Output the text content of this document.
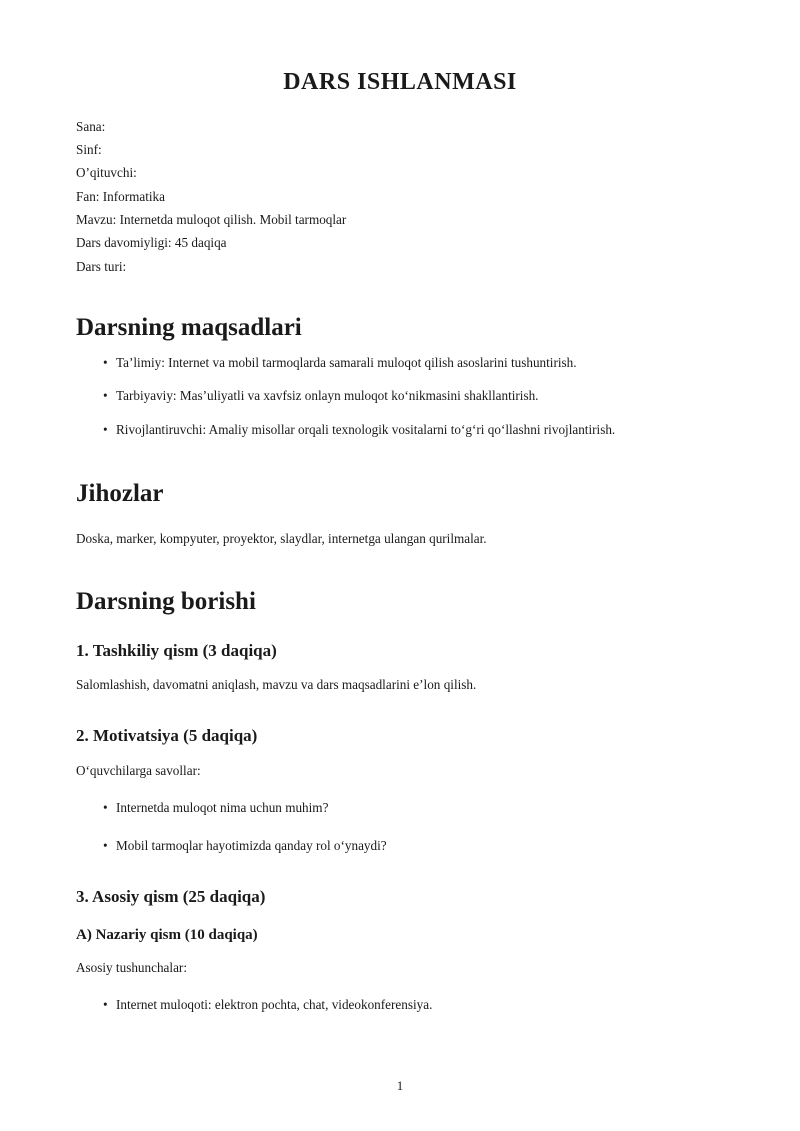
DARS ISHLANMASI
Sana:
Sinf:
O’qituvchi:
Fan: Informatika
Mavzu: Internetda muloqot qilish. Mobil tarmoqlar
Dars davomiyligi: 45 daqiqa
Dars turi:
Darsning maqsadlari
• Ta’limiy: Internet va mobil tarmoqlarda samarali muloqot qilish asoslarini tushuntirish.
• Tarbiyaviy: Mas’uliyatli va xavfsiz onlayn muloqot koʻnikmasini shakllantirish.
• Rivojlantiruvchi: Amaliy misollar orqali texnologik vositalarni toʻgʻri qoʻllashni rivojlantirish.
Jihozlar

Doska, marker, kompyuter, proyektor, slaydlar, internetga ulangan qurilmalar.

Darsning borishi
1. Tashkiliy qism (3 daqiqa)

Salomlashish, davomatni aniqlash, mavzu va dars maqsadlarini e’lon qilish.

2. Motivatsiya (5 daqiqa)

Oʻquvchilarga savollar:

• Internetda muloqot nima uchun muhim?
• Mobil tarmoqlar hayotimizda qanday rol oʻynaydi?
3. Asosiy qism (25 daqiqa)
A) Nazariy qism (10 daqiqa)

Asosiy tushunchalar:

• Internet muloqoti: elektron pochta, chat, videokonferensiya.
1
